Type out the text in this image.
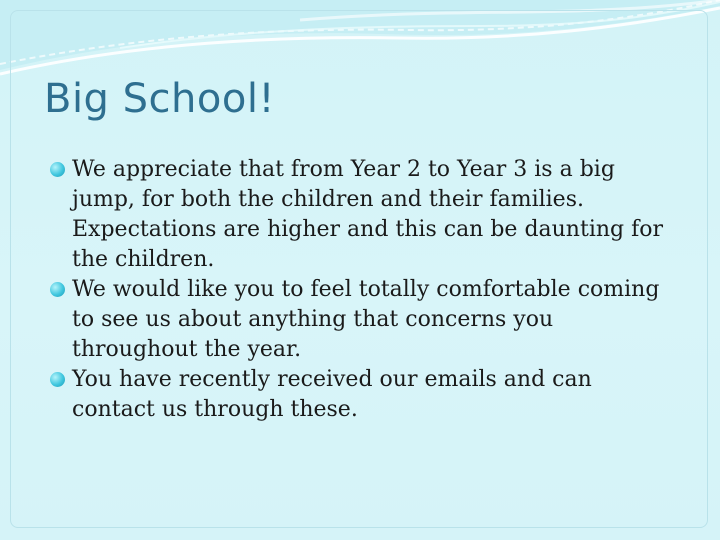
Big School!
We appreciate that from Year 2 to Year 3 is a big jump, for both the children and their families. Expectations are higher and this can be daunting for the children.
We would like you to feel totally comfortable coming to see us about anything that concerns you throughout the year.
You have recently received our emails and can contact us through these.
